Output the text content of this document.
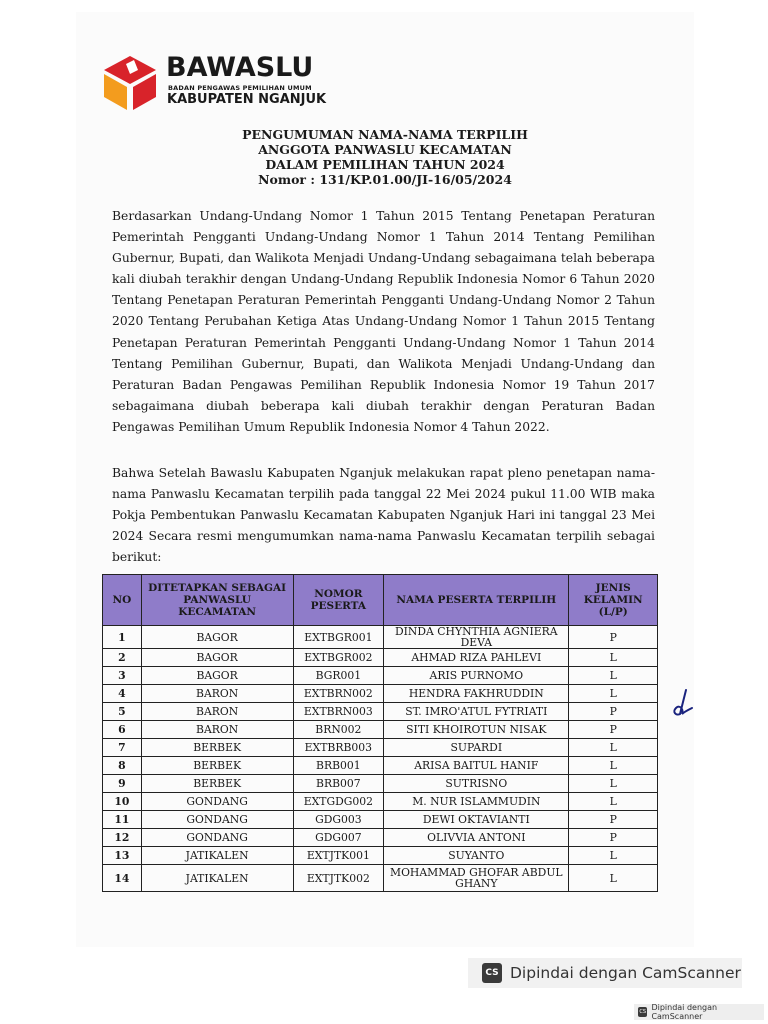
BAWASLU
BADAN PENGAWAS PEMILIHAN UMUM
KABUPATEN NGANJUK
PENGUMUMAN NAMA-NAMA TERPILIH
ANGGOTA PANWASLU KECAMATAN
DALAM PEMILIHAN TAHUN 2024
Nomor : 131/KP.01.00/JI-16/05/2024
Berdasarkan Undang-Undang Nomor 1 Tahun 2015 Tentang Penetapan Peraturan Pemerintah Pengganti Undang-Undang Nomor 1 Tahun 2014 Tentang Pemilihan Gubernur, Bupati, dan Walikota Menjadi Undang-Undang sebagaimana telah beberapa kali diubah terakhir dengan Undang-Undang Republik Indonesia Nomor 6 Tahun 2020 Tentang Penetapan Peraturan Pemerintah Pengganti Undang-Undang Nomor 2 Tahun 2020 Tentang Perubahan Ketiga Atas Undang-Undang Nomor 1 Tahun 2015 Tentang Penetapan Peraturan Pemerintah Pengganti Undang-Undang Nomor 1 Tahun 2014 Tentang Pemilihan Gubernur, Bupati, dan Walikota Menjadi Undang-Undang dan Peraturan Badan Pengawas Pemilihan Republik Indonesia Nomor 19 Tahun 2017 sebagaimana diubah beberapa kali diubah terakhir dengan Peraturan Badan Pengawas Pemilihan Umum Republik Indonesia Nomor 4 Tahun 2022.
Bahwa Setelah Bawaslu Kabupaten Nganjuk melakukan rapat pleno penetapan nama-nama Panwaslu Kecamatan terpilih pada tanggal 22 Mei 2024 pukul 11.00 WIB maka Pokja Pembentukan Panwaslu Kecamatan Kabupaten Nganjuk Hari ini tanggal 23 Mei 2024 Secara resmi mengumumkan nama-nama Panwaslu Kecamatan terpilih sebagai berikut:
NO	DITETAPKAN SEBAGAI PANWASLU KECAMATAN	NOMOR PESERTA	NAMA PESERTA TERPILIH	JENIS KELAMIN (L/P)
1	BAGOR	EXTBGR001	DINDA CHYNTHIA AGNIERA DEVA	P
2	BAGOR	EXTBGR002	AHMAD RIZA PAHLEVI	L
3	BAGOR	BGR001	ARIS PURNOMO	L
4	BARON	EXTBRN002	HENDRA FAKHRUDDIN	L
5	BARON	EXTBRN003	ST. IMRO'ATUL FYTRIATI	P
6	BARON	BRN002	SITI KHOIROTUN NISAK	P
7	BERBEK	EXTBRB003	SUPARDI	L
8	BERBEK	BRB001	ARISA BAITUL HANIF	L
9	BERBEK	BRB007	SUTRISNO	L
10	GONDANG	EXTGDG002	M. NUR ISLAMMUDIN	L
11	GONDANG	GDG003	DEWI OKTAVIANTI	P
12	GONDANG	GDG007	OLIVVIA ANTONI	P
13	JATIKALEN	EXTJTK001	SUYANTO	L
14	JATIKALEN	EXTJTK002	MOHAMMAD GHOFAR ABDUL GHANY	L
CS Dipindai dengan CamScanner
CS Dipindai dengan CamScanner
